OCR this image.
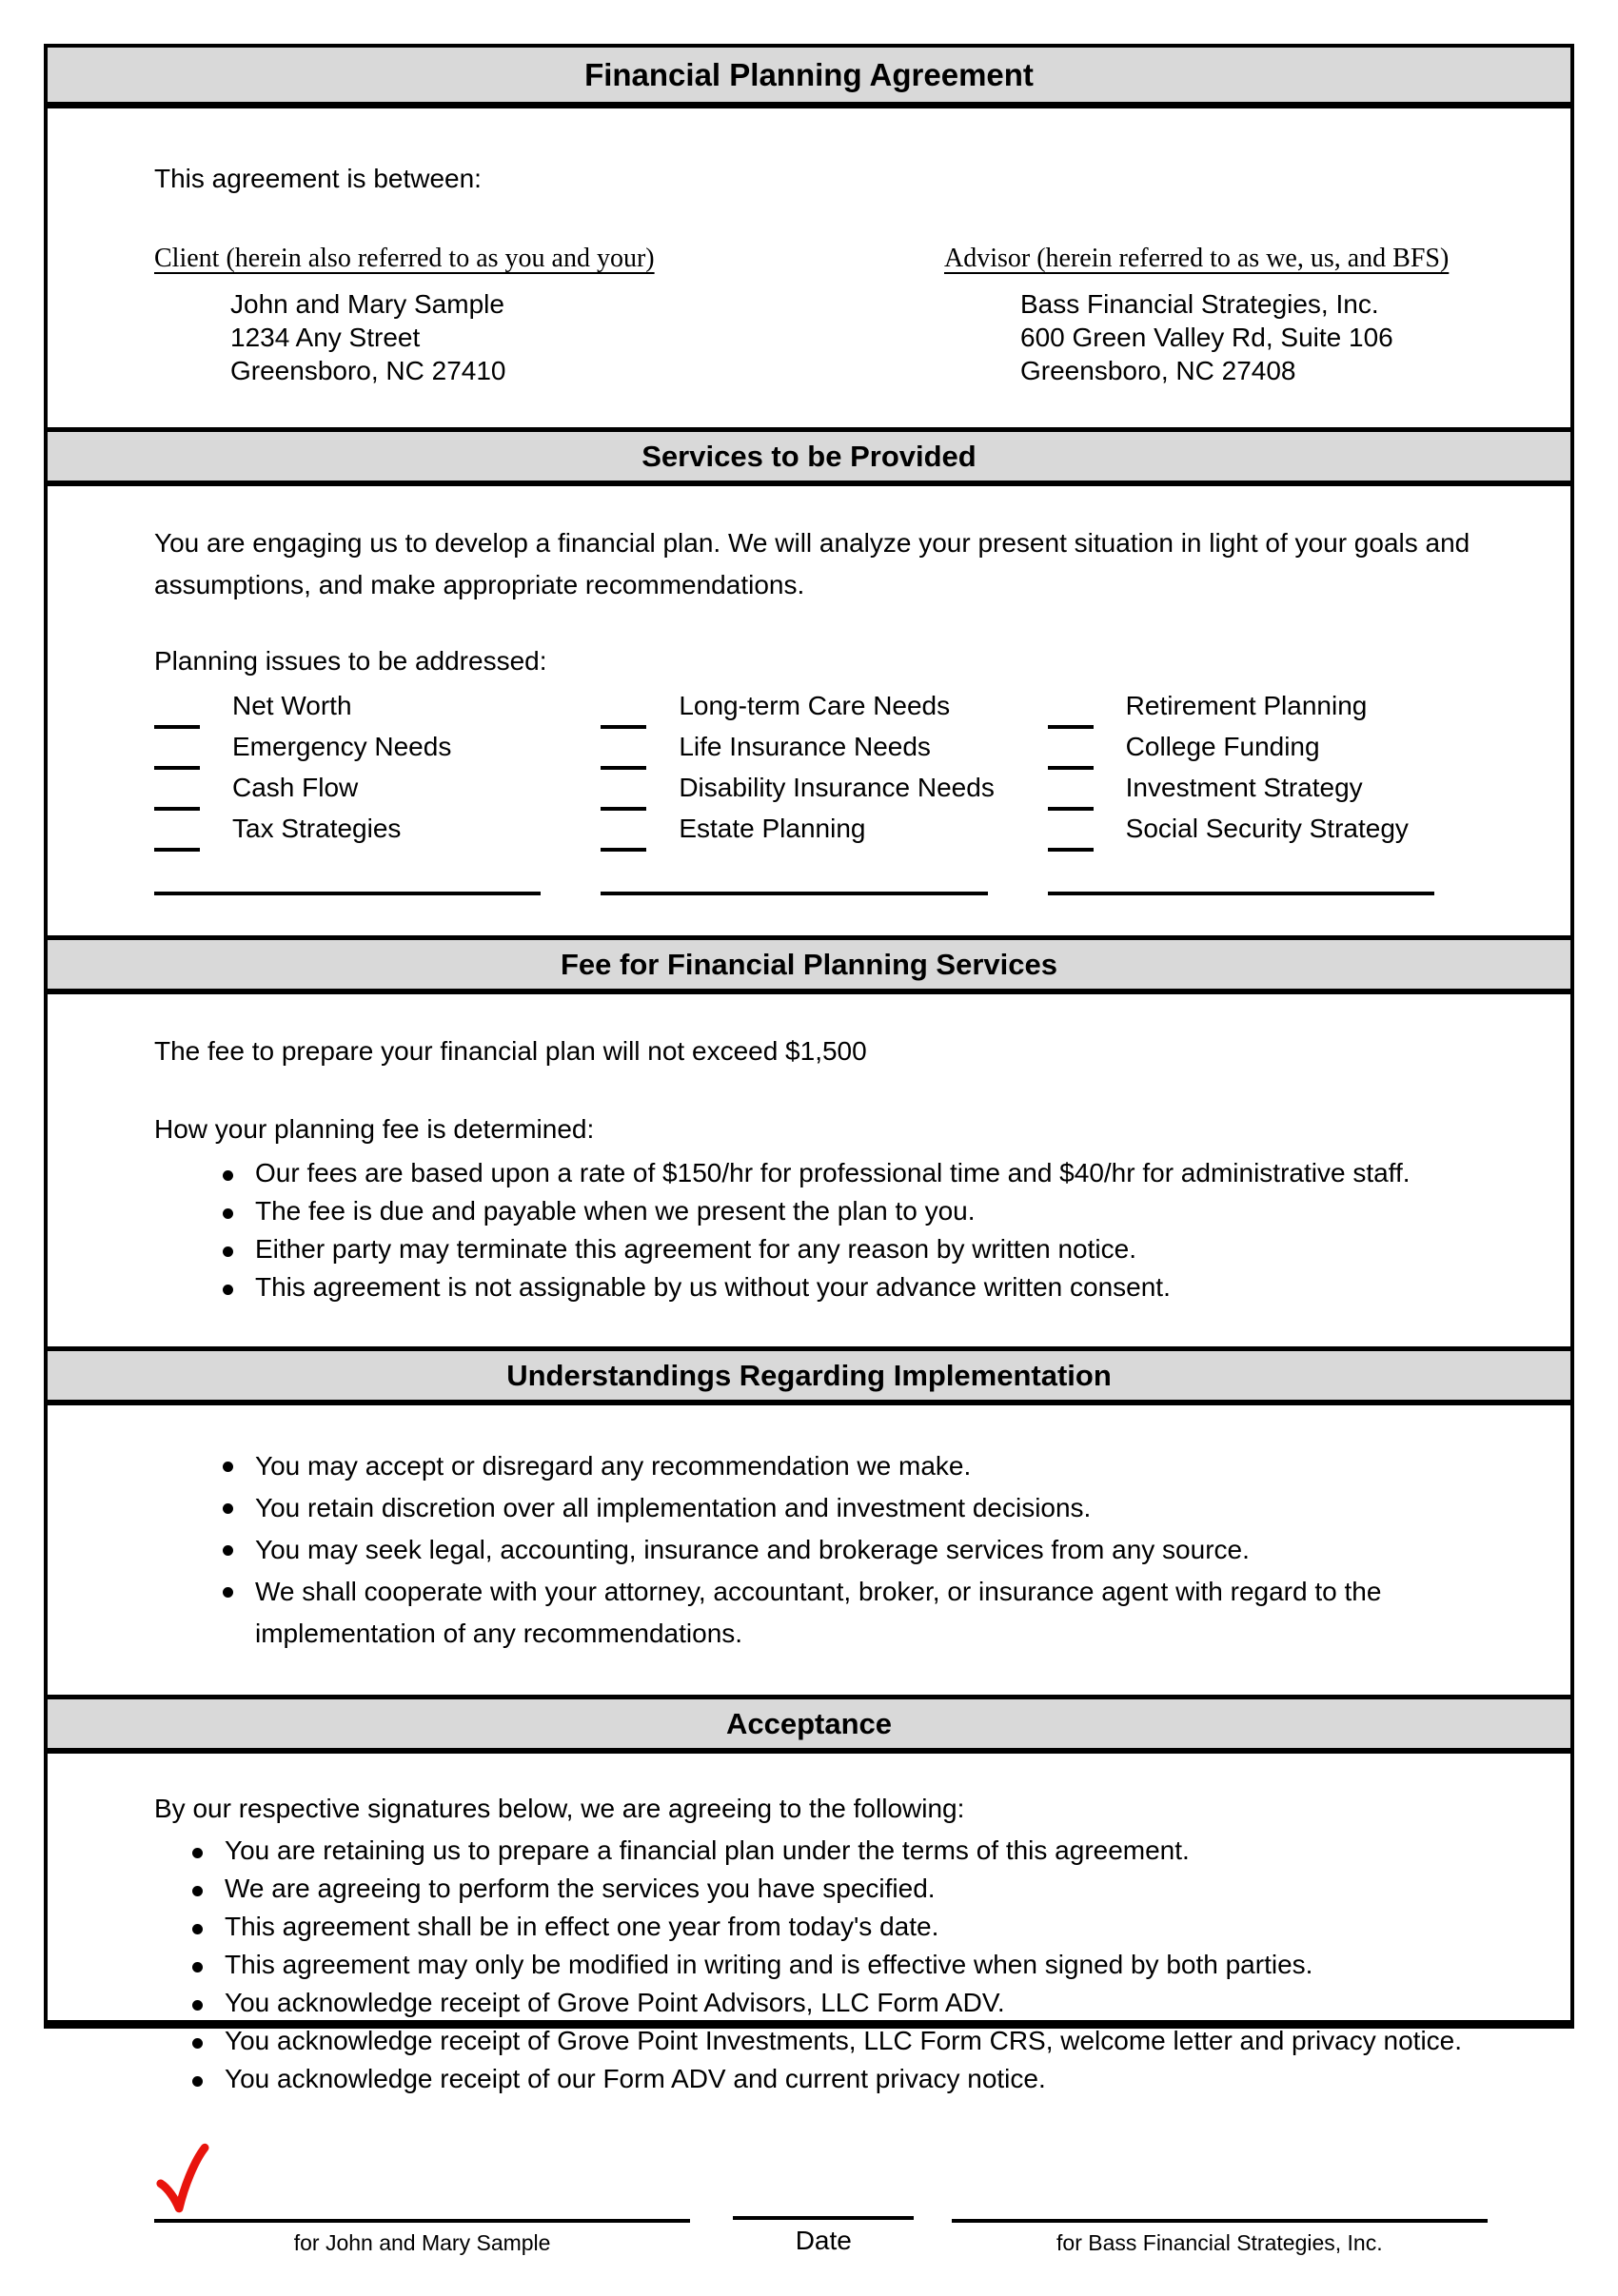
Financial Planning Agreement

This agreement is between:

Client (herein also referred to as you and your)
John and Mary Sample
1234 Any Street
Greensboro, NC 27410
Advisor (herein referred to as we, us, and BFS)
Bass Financial Strategies, Inc.
600 Green Valley Rd, Suite 106
Greensboro, NC 27408
Services to be Provided

You are engaging us to develop a financial plan. We will analyze your present situation in light of your goals and assumptions, and make appropriate recommendations.

Planning issues to be addressed:

Net Worth
Emergency Needs
Cash Flow
Tax Strategies
Long-term Care Needs
Life Insurance Needs
Disability Insurance Needs
Estate Planning
Retirement Planning
College Funding
Investment Strategy
Social Security Strategy
Fee for Financial Planning Services

The fee to prepare your financial plan will not exceed $1,500

How your planning fee is determined:

Our fees are based upon a rate of $150/hr for professional time and $40/hr for administrative staff.
The fee is due and payable when we present the plan to you.
Either party may terminate this agreement for any reason by written notice.
This agreement is not assignable by us without your advance written consent.
Understandings Regarding Implementation
You may accept or disregard any recommendation we make.
You retain discretion over all implementation and investment decisions.
You may seek legal, accounting, insurance and brokerage services from any source.
We shall cooperate with your attorney, accountant, broker, or insurance agent with regard to the implementation of any recommendations.
Acceptance

By our respective signatures below, we are agreeing to the following:

You are retaining us to prepare a financial plan under the terms of this agreement.
We are agreeing to perform the services you have specified.
This agreement shall be in effect one year from today's date.
This agreement may only be modified in writing and is effective when signed by both parties.
You acknowledge receipt of Grove Point Advisors, LLC Form ADV.
You acknowledge receipt of Grove Point Investments, LLC Form CRS, welcome letter and privacy notice.
You acknowledge receipt of our Form ADV and current privacy notice.
for John and Mary Sample	Date	for Bass Financial Strategies, Inc.
